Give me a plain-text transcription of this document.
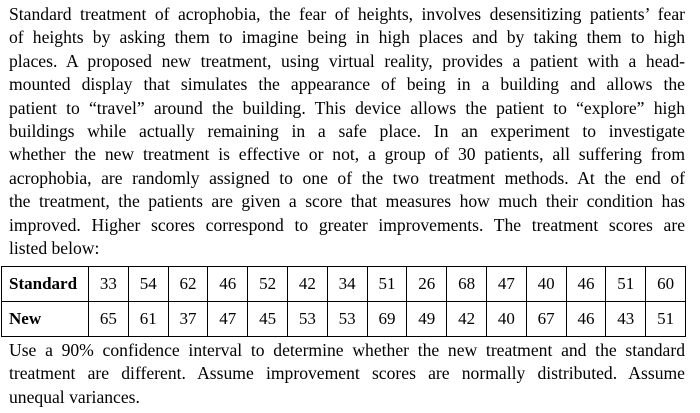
Standard treatment of acrophobia, the fear of heights, involves desensitizing patients’ fear
of heights by asking them to imagine being in high places and by taking them to high
places. A proposed new treatment, using virtual reality, provides a patient with a head-
mounted display that simulates the appearance of being in a building and allows the
patient to “travel” around the building. This device allows the patient to “explore” high
buildings while actually remaining in a safe place. In an experiment to investigate
whether the new treatment is effective or not, a group of 30 patients, all suffering from
acrophobia, are randomly assigned to one of the two treatment methods. At the end of
the treatment, the patients are given a score that measures how much their condition has
improved. Higher scores correspond to greater improvements. The treatment scores are
listed below:
Standard	33	54	62	46	52	42	34	51	26	68	47	40	46	51	60
New	65	61	37	47	45	53	53	69	49	42	40	67	46	43	51
Use a 90% confidence interval to determine whether the new treatment and the standard
treatment are different. Assume improvement scores are normally distributed. Assume
unequal variances.
